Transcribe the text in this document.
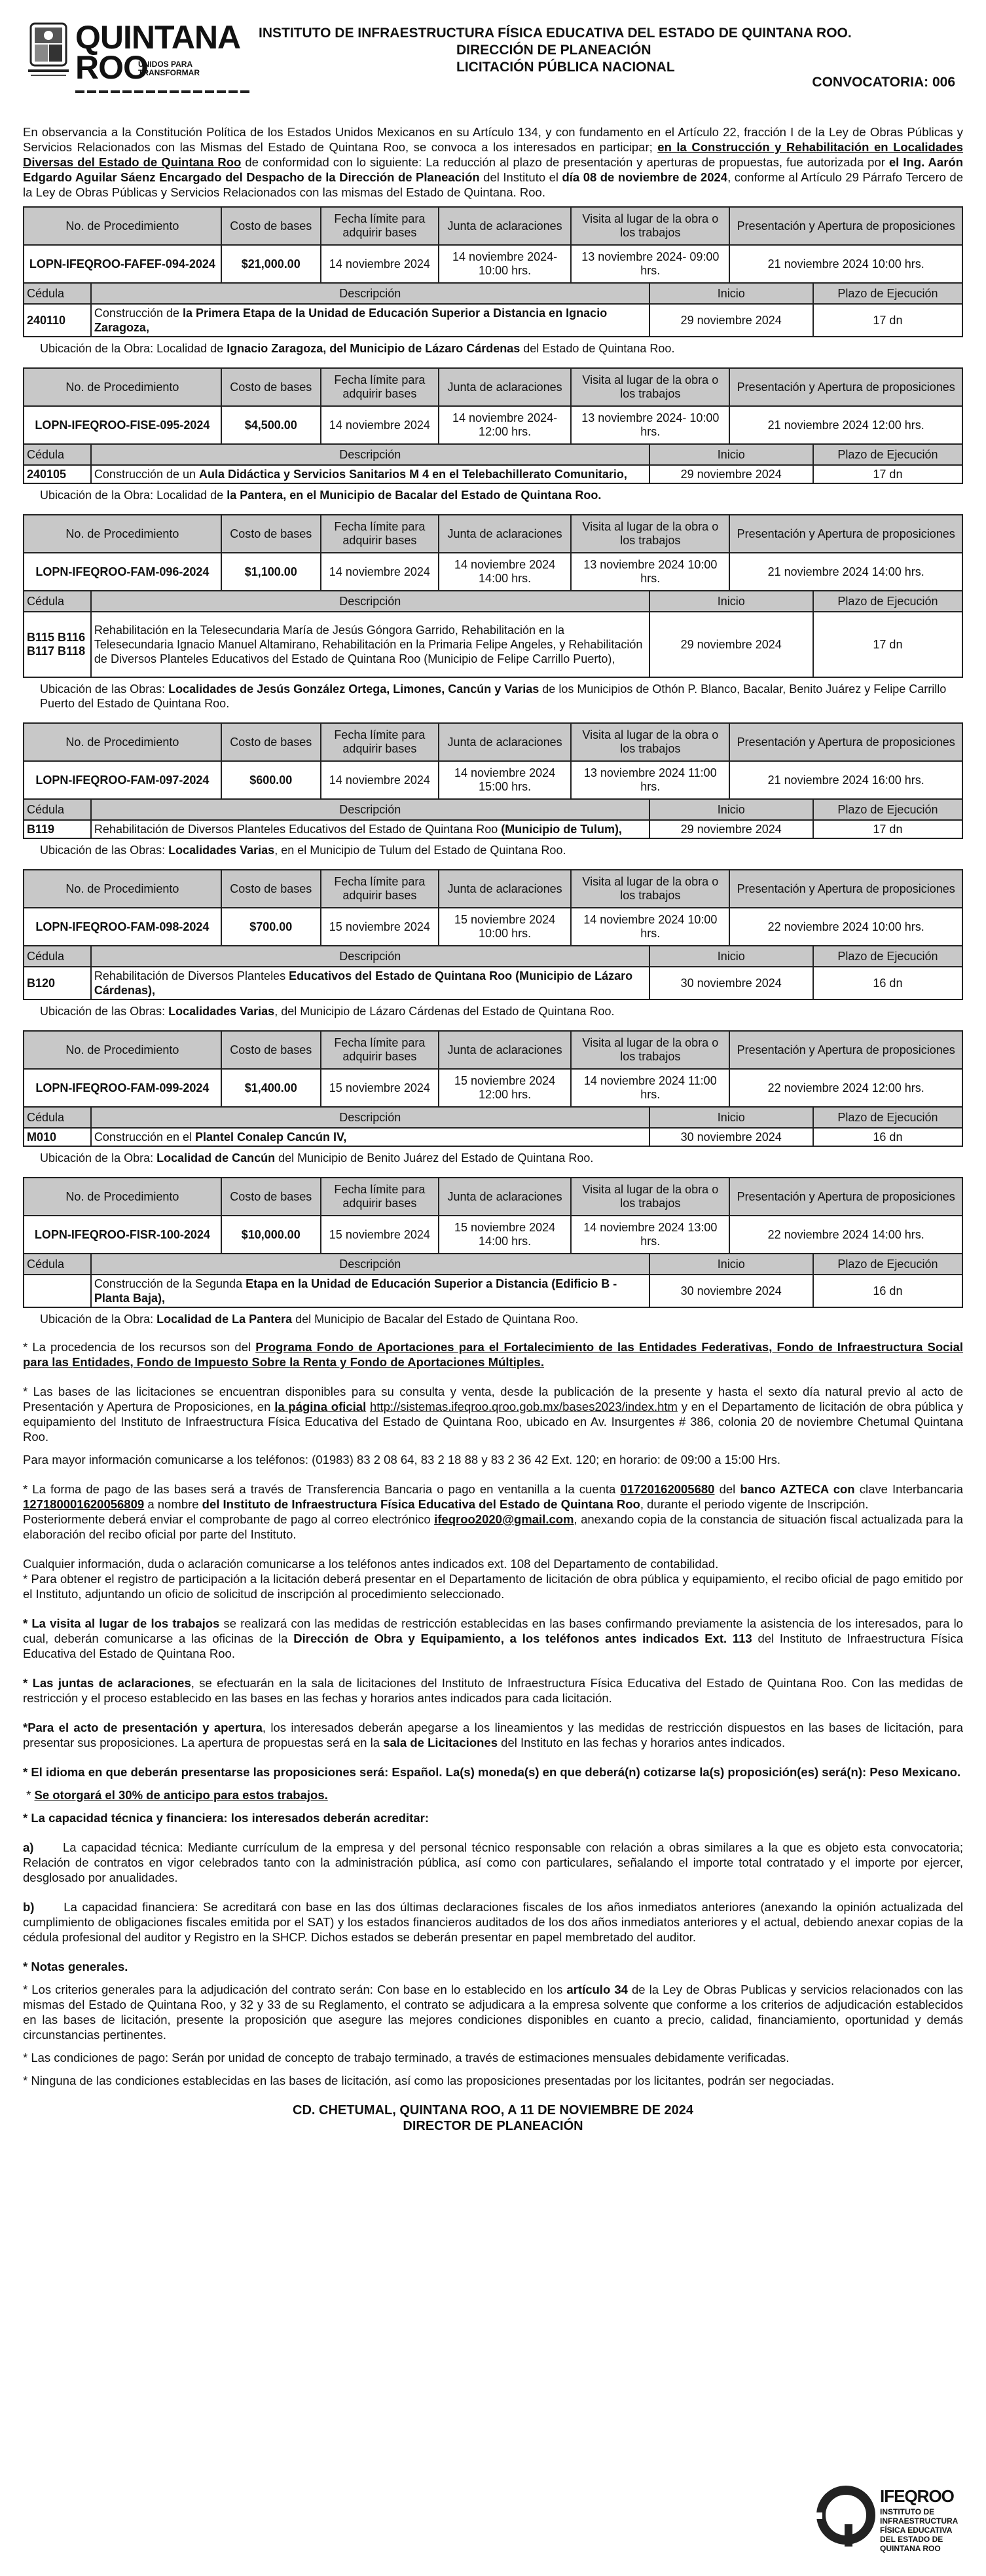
QUINTANA
ROO
UNIDOS PARA TRANSFORMAR
INSTITUTO DE INFRAESTRUCTURA FÍSICA EDUCATIVA DEL ESTADO DE QUINTANA ROO.
DIRECCIÓN DE PLANEACIÓN
LICITACIÓN PÚBLICA NACIONAL
CONVOCATORIA: 006
En observancia a la Constitución Política de los Estados Unidos Mexicanos en su Artículo 134, y con fundamento en el Artículo 22, fracción I de la Ley de Obras Públicas y Servicios Relacionados con las Mismas del Estado de Quintana Roo, se convoca a los interesados en participar; en la Construcción y Rehabilitación en Localidades Diversas del Estado de Quintana Roo de conformidad con lo siguiente: La reducción al plazo de presentación y aperturas de propuestas, fue autorizada por el Ing. Aarón Edgardo Aguilar Sáenz Encargado del Despacho de la Dirección de Planeación del Instituto el día 08 de noviembre de 2024, conforme al Artículo 29 Párrafo Tercero de la Ley de Obras Públicas y Servicios Relacionados con las mismas del Estado de Quintana. Roo.
No. de Procedimiento		Costo de bases	Fecha límite para adquirir bases	Junta de aclaraciones	Visita al lugar de la obra o los trabajos		Presentación y Apertura de proposiciones	
LOPN-IFEQROO-FAFEF-094-2024		$21,000.00	14 noviembre 2024	14 noviembre 2024-10:00 hrs.	13 noviembre 2024- 09:00 hrs.		21 noviembre 2024 10:00 hrs.	
Cédula	Descripción					Inicio		Plazo de Ejecución
240110	Construcción de la Primera Etapa de la Unidad de Educación Superior a Distancia en Ignacio Zaragoza,					29 noviembre 2024		17 dn
Ubicación de la Obra: Localidad de Ignacio Zaragoza, del Municipio de Lázaro Cárdenas del Estado de Quintana Roo.
No. de Procedimiento		Costo de bases	Fecha límite para adquirir bases	Junta de aclaraciones	Visita al lugar de la obra o los trabajos		Presentación y Apertura de proposiciones	
LOPN-IFEQROO-FISE-095-2024		$4,500.00	14 noviembre 2024	14 noviembre 2024-12:00 hrs.	13 noviembre 2024- 10:00 hrs.		21 noviembre 2024 12:00 hrs.	
Cédula	Descripción					Inicio		Plazo de Ejecución
240105	Construcción de un Aula Didáctica y Servicios Sanitarios M 4 en el Telebachillerato Comunitario,					29 noviembre 2024		17 dn
Ubicación de la Obra: Localidad de la Pantera, en el Municipio de Bacalar del Estado de Quintana Roo.
No. de Procedimiento		Costo de bases	Fecha límite para adquirir bases	Junta de aclaraciones	Visita al lugar de la obra o los trabajos		Presentación y Apertura de proposiciones	
LOPN-IFEQROO-FAM-096-2024		$1,100.00	14 noviembre 2024	14 noviembre 2024 14:00 hrs.	13 noviembre 2024 10:00 hrs.		21 noviembre 2024 14:00 hrs.	
Cédula	Descripción					Inicio		Plazo de Ejecución
B115 B116 B117 B118	Rehabilitación en la Telesecundaria María de Jesús Góngora Garrido, Rehabilitación en la Telesecundaria Ignacio Manuel Altamirano, Rehabilitación en la Primaria Felipe Angeles, y Rehabilitación de Diversos Planteles Educativos del Estado de Quintana Roo (Municipio de Felipe Carrillo Puerto),					29 noviembre 2024		17 dn
Ubicación de las Obras: Localidades de Jesús González Ortega, Limones, Cancún y Varias de los Municipios de Othón P. Blanco, Bacalar, Benito Juárez y Felipe Carrillo Puerto del Estado de Quintana Roo.
No. de Procedimiento		Costo de bases	Fecha límite para adquirir bases	Junta de aclaraciones	Visita al lugar de la obra o los trabajos		Presentación y Apertura de proposiciones	
LOPN-IFEQROO-FAM-097-2024		$600.00	14 noviembre 2024	14 noviembre 2024 15:00 hrs.	13 noviembre 2024 11:00 hrs.		21 noviembre 2024 16:00 hrs.	
Cédula	Descripción					Inicio		Plazo de Ejecución
B119	Rehabilitación de Diversos Planteles Educativos del Estado de Quintana Roo (Municipio de Tulum),					29 noviembre 2024		17 dn
Ubicación de las Obras: Localidades Varias, en el Municipio de Tulum del Estado de Quintana Roo.
No. de Procedimiento		Costo de bases	Fecha límite para adquirir bases	Junta de aclaraciones	Visita al lugar de la obra o los trabajos		Presentación y Apertura de proposiciones	
LOPN-IFEQROO-FAM-098-2024		$700.00	15 noviembre 2024	15 noviembre 2024 10:00 hrs.	14 noviembre 2024 10:00 hrs.		22 noviembre 2024 10:00 hrs.	
Cédula	Descripción					Inicio		Plazo de Ejecución
B120	Rehabilitación de Diversos Planteles Educativos del Estado de Quintana Roo (Municipio de Lázaro Cárdenas),					30 noviembre 2024		16 dn
Ubicación de las Obras: Localidades Varias, del Municipio de Lázaro Cárdenas del Estado de Quintana Roo.
No. de Procedimiento		Costo de bases	Fecha límite para adquirir bases	Junta de aclaraciones	Visita al lugar de la obra o los trabajos		Presentación y Apertura de proposiciones	
LOPN-IFEQROO-FAM-099-2024		$1,400.00	15 noviembre 2024	15 noviembre 2024 12:00 hrs.	14 noviembre 2024 11:00 hrs.		22 noviembre 2024 12:00 hrs.	
Cédula	Descripción					Inicio		Plazo de Ejecución
M010	Construcción en el Plantel Conalep Cancún IV,					30 noviembre 2024		16 dn
Ubicación de la Obra: Localidad de Cancún del Municipio de Benito Juárez del Estado de Quintana Roo.
No. de Procedimiento		Costo de bases	Fecha límite para adquirir bases	Junta de aclaraciones	Visita al lugar de la obra o los trabajos		Presentación y Apertura de proposiciones	
LOPN-IFEQROO-FISR-100-2024		$10,000.00	15 noviembre 2024	15 noviembre 2024 14:00 hrs.	14 noviembre 2024 13:00 hrs.		22 noviembre 2024 14:00 hrs.	
Cédula	Descripción					Inicio		Plazo de Ejecución
	Construcción de la Segunda Etapa en la Unidad de Educación Superior a Distancia (Edificio B - Planta Baja),					30 noviembre 2024		16 dn
Ubicación de la Obra: Localidad de La Pantera del Municipio de Bacalar del Estado de Quintana Roo.

* La procedencia de los recursos son del Programa Fondo de Aportaciones para el Fortalecimiento de las Entidades Federativas, Fondo de Infraestructura Social para las Entidades, Fondo de Impuesto Sobre la Renta y Fondo de Aportaciones Múltiples.

* Las bases de las licitaciones se encuentran disponibles para su consulta y venta, desde la publicación de la presente y hasta el sexto día natural previo al acto de Presentación y Apertura de Proposiciones, en la página oficial http://sistemas.ifeqroo.qroo.gob.mx/bases2023/index.htm y en el Departamento de licitación de obra pública y equipamiento del Instituto de Infraestructura Física Educativa del Estado de Quintana Roo, ubicado en Av. Insurgentes # 386, colonia 20 de noviembre Chetumal Quintana Roo.

Para mayor información comunicarse a los teléfonos: (01983) 83 2 08 64, 83 2 18 88 y 83 2 36 42 Ext. 120; en horario: de 09:00 a 15:00 Hrs.

* La forma de pago de las bases será a través de Transferencia Bancaria o pago en ventanilla a la cuenta 01720162005680 del banco AZTECA con clave Interbancaria 127180001620056809 a nombre del Instituto de Infraestructura Física Educativa del Estado de Quintana Roo, durante el periodo vigente de Inscripción.

Posteriormente deberá enviar el comprobante de pago al correo electrónico ifeqroo2020@gmail.com, anexando copia de la constancia de situación fiscal actualizada para la elaboración del recibo oficial por parte del Instituto.

Cualquier información, duda o aclaración comunicarse a los teléfonos antes indicados ext. 108 del Departamento de contabilidad.

* Para obtener el registro de participación a la licitación deberá presentar en el Departamento de licitación de obra pública y equipamiento, el recibo oficial de pago emitido por el Instituto, adjuntando un oficio de solicitud de inscripción al procedimiento seleccionado.

* La visita al lugar de los trabajos se realizará con las medidas de restricción establecidas en las bases confirmando previamente la asistencia de los interesados, para lo cual, deberán comunicarse a las oficinas de la Dirección de Obra y Equipamiento, a los teléfonos antes indicados Ext. 113 del Instituto de Infraestructura Física Educativa del Estado de Quintana Roo.

* Las juntas de aclaraciones, se efectuarán en la sala de licitaciones del Instituto de Infraestructura Física Educativa del Estado de Quintana Roo. Con las medidas de restricción y el proceso establecido en las bases en las fechas y horarios antes indicados para cada licitación.

*Para el acto de presentación y apertura, los interesados deberán apegarse a los lineamientos y las medidas de restricción dispuestos en las bases de licitación, para presentar sus proposiciones. La apertura de propuestas será en la sala de Licitaciones del Instituto en las fechas y horarios antes indicados.

* El idioma en que deberán presentarse las proposiciones será: Español. La(s) moneda(s) en que deberá(n) cotizarse la(s) proposición(es) será(n): Peso Mexicano.

* Se otorgará el 30% de anticipo para estos trabajos.

* La capacidad técnica y financiera: los interesados deberán acreditar:

a) La capacidad técnica: Mediante currículum de la empresa y del personal técnico responsable con relación a obras similares a la que es objeto esta convocatoria; Relación de contratos en vigor celebrados tanto con la administración pública, así como con particulares, señalando el importe total contratado y el importe por ejercer, desglosado por anualidades.

b) La capacidad financiera: Se acreditará con base en las dos últimas declaraciones fiscales de los años inmediatos anteriores (anexando la opinión actualizada del cumplimiento de obligaciones fiscales emitida por el SAT) y los estados financieros auditados de los dos años inmediatos anteriores y el actual, debiendo anexar copias de la cédula profesional del auditor y Registro en la SHCP. Dichos estados se deberán presentar en papel membretado del auditor.

* Notas generales.

* Los criterios generales para la adjudicación del contrato serán: Con base en lo establecido en los artículo 34 de la Ley de Obras Publicas y servicios relacionados con las mismas del Estado de Quintana Roo, y 32 y 33 de su Reglamento, el contrato se adjudicara a la empresa solvente que conforme a los criterios de adjudicación establecidos en las bases de licitación, presente la proposición que asegure las mejores condiciones disponibles en cuanto a precio, calidad, financiamiento, oportunidad y demás circunstancias pertinentes.

* Las condiciones de pago: Serán por unidad de concepto de trabajo terminado, a través de estimaciones mensuales debidamente verificadas.

* Ninguna de las condiciones establecidas en las bases de licitación, así como las proposiciones presentadas por los licitantes, podrán ser negociadas.

CD. CHETUMAL, QUINTANA ROO, A 11 DE NOVIEMBRE DE 2024
DIRECTOR DE PLANEACIÓN
IFEQROO
INSTITUTO DE INFRAESTRUCTURA FÍSICA EDUCATIVA DEL ESTADO DE QUINTANA ROO
